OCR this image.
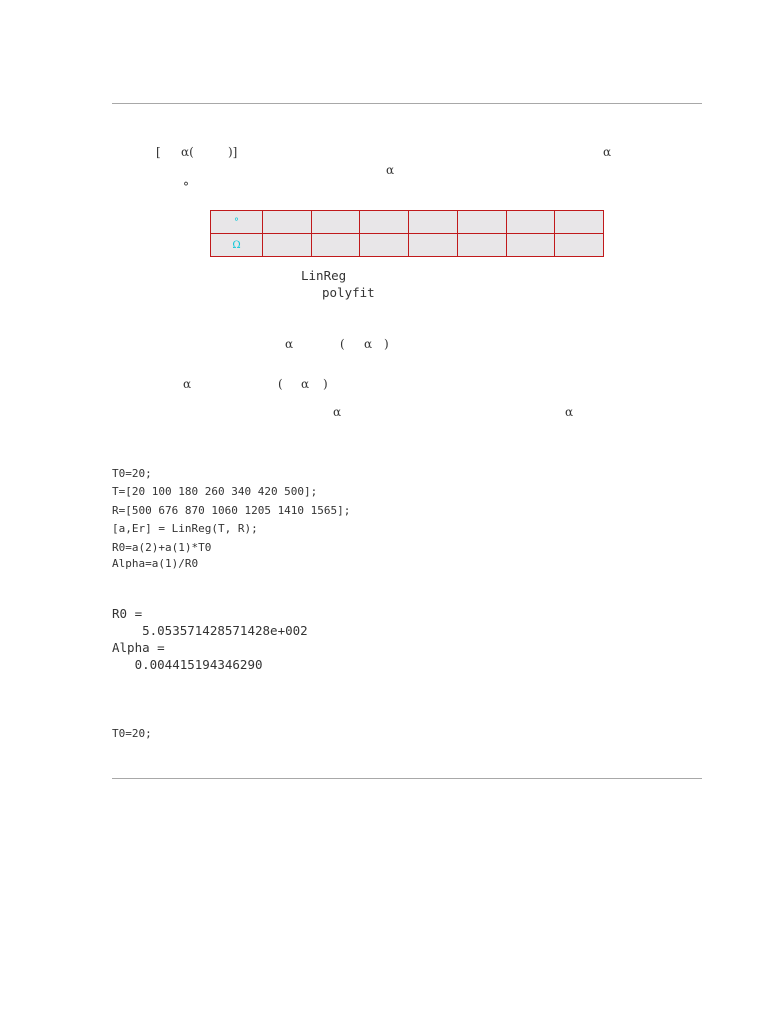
[ α(	)]	α
α
°
°							
Ω							
LinReg
polyfit
α	( α )
α	( α )
α	α
T0=20;
T=[20 100 180 260 340 420 500];
R=[500 676 870 1060 1205 1410 1565];
[a,Er] = LinReg(T, R);
R0=a(2)+a(1)*T0
Alpha=a(1)/R0
R0 =
5.053571428571428e+002
Alpha =
0.004415194346290
T0=20;
